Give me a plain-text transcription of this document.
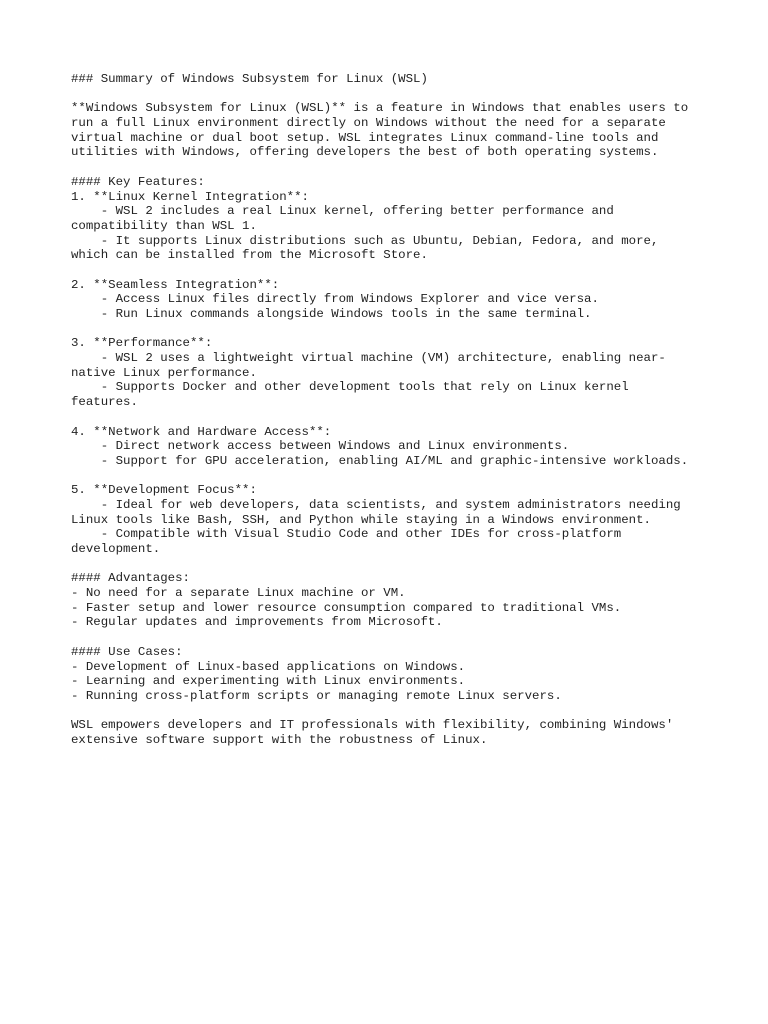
### Summary of Windows Subsystem for Linux (WSL)
**Windows Subsystem for Linux (WSL)** is a feature in Windows that enables users to
run a full Linux environment directly on Windows without the need for a separate
virtual machine or dual boot setup. WSL integrates Linux command-line tools and
utilities with Windows, offering developers the best of both operating systems.
#### Key Features:
1. **Linux Kernel Integration**:
- WSL 2 includes a real Linux kernel, offering better performance and
compatibility than WSL 1.
- It supports Linux distributions such as Ubuntu, Debian, Fedora, and more,
which can be installed from the Microsoft Store.
2. **Seamless Integration**:
- Access Linux files directly from Windows Explorer and vice versa.
- Run Linux commands alongside Windows tools in the same terminal.
3. **Performance**:
- WSL 2 uses a lightweight virtual machine (VM) architecture, enabling near-
native Linux performance.
- Supports Docker and other development tools that rely on Linux kernel
features.
4. **Network and Hardware Access**:
- Direct network access between Windows and Linux environments.
- Support for GPU acceleration, enabling AI/ML and graphic-intensive workloads.
5. **Development Focus**:
- Ideal for web developers, data scientists, and system administrators needing
Linux tools like Bash, SSH, and Python while staying in a Windows environment.
- Compatible with Visual Studio Code and other IDEs for cross-platform
development.
#### Advantages:
- No need for a separate Linux machine or VM.
- Faster setup and lower resource consumption compared to traditional VMs.
- Regular updates and improvements from Microsoft.
#### Use Cases:
- Development of Linux-based applications on Windows.
- Learning and experimenting with Linux environments.
- Running cross-platform scripts or managing remote Linux servers.
WSL empowers developers and IT professionals with flexibility, combining Windows'
extensive software support with the robustness of Linux.
